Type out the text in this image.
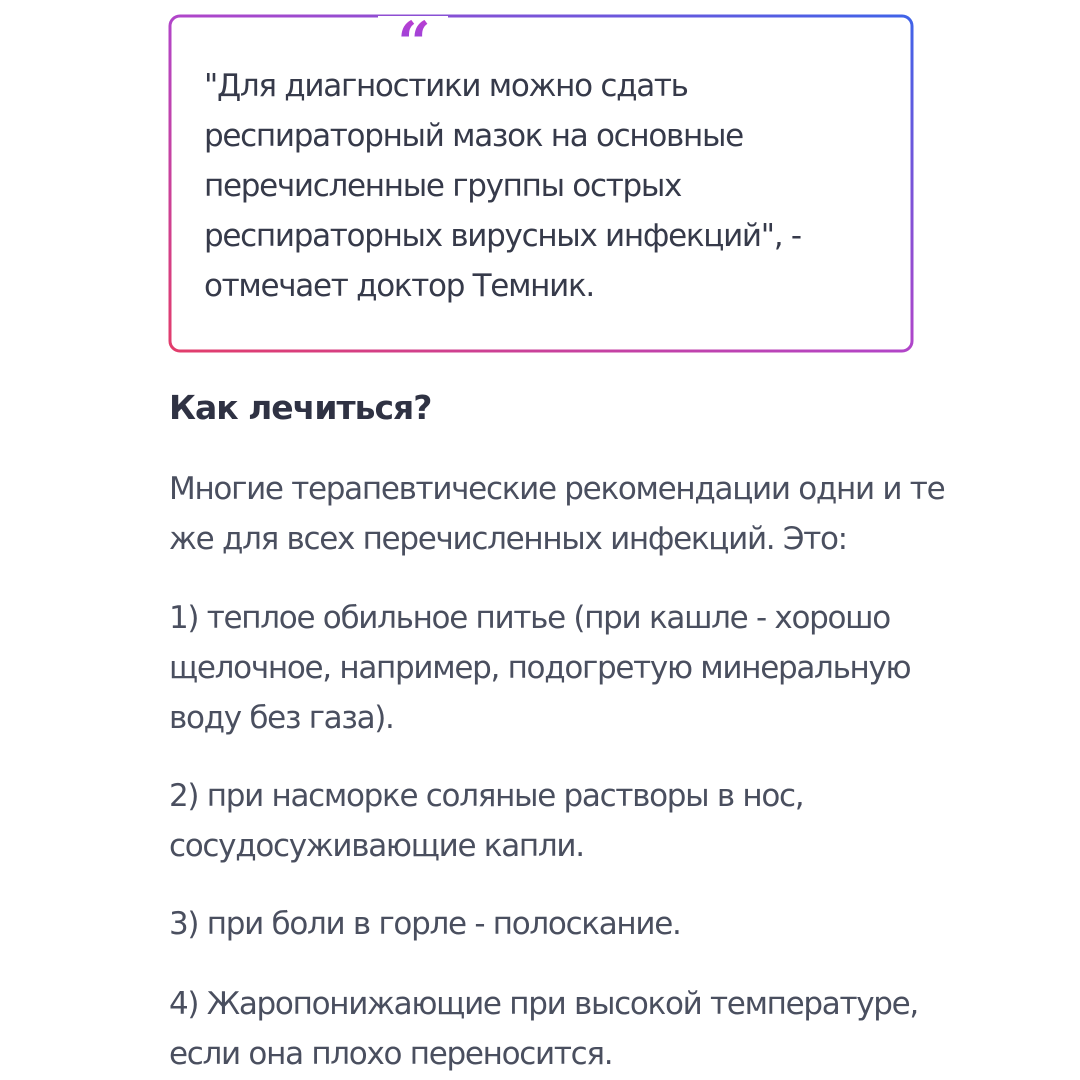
“

"Для диагностики можно сдать респираторный мазок на основные перечисленные группы острых респираторных вирусных инфекций", - отмечает доктор Темник.

Как лечиться?

Многие терапевтические рекомендации одни и те же для всех перечисленных инфекций. Это:

1) теплое обильное питье (при кашле - хорошо щелочное, например, подогретую минеральную воду без газа).

2) при насморке соляные растворы в нос, сосудосуживающие капли.

3) при боли в горле - полоскание.

4) Жаропонижающие при высокой температуре, если она плохо переносится.
